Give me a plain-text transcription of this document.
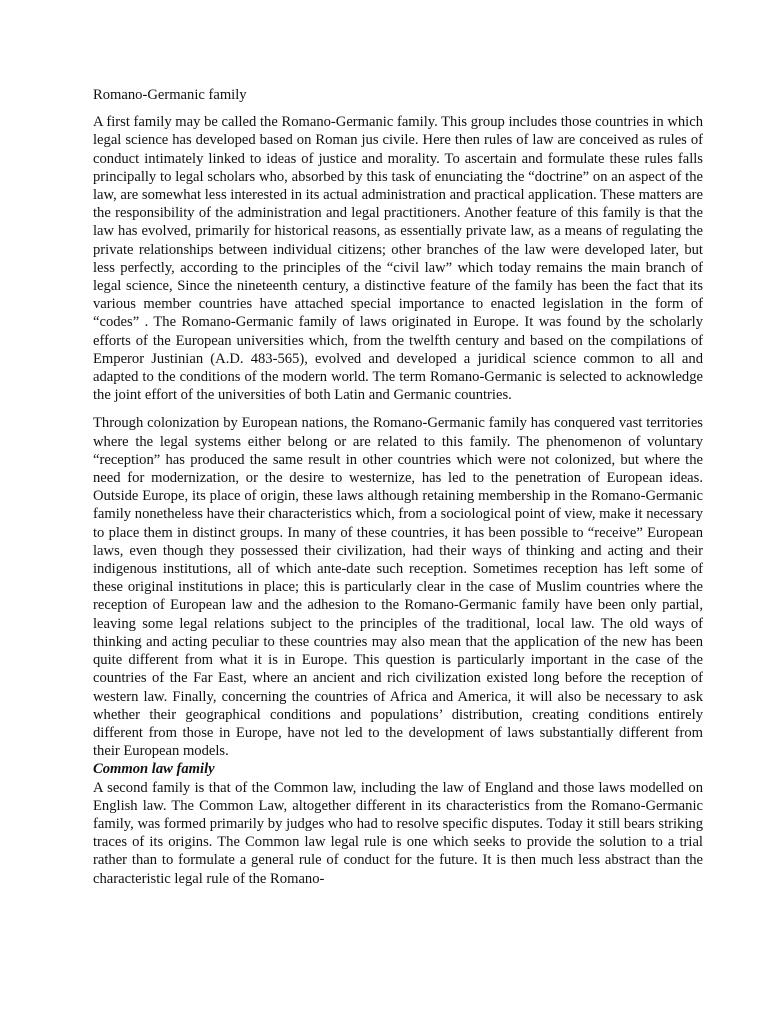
Romano-Germanic family

A first family may be called the Romano-Germanic family. This group includes those countries in which legal science has developed based on Roman jus civile. Here then rules of law are conceived as rules of conduct intimately linked to ideas of justice and morality. To ascertain and formulate these rules falls principally to legal scholars who, absorbed by this task of enunciating the “doctrine” on an aspect of the law, are somewhat less interested in its actual administration and practical application. These matters are the responsibility of the administration and legal practitioners. Another feature of this family is that the law has evolved, primarily for historical reasons, as essentially private law, as a means of regulating the private relationships between individual citizens; other branches of the law were developed later, but less perfectly, according to the principles of the “civil law” which today remains the main branch of legal science, Since the nineteenth century, a distinctive feature of the family has been the fact that its various member countries have attached special importance to enacted legislation in the form of “codes” . The Romano-Germanic family of laws originated in Europe. It was found by the scholarly efforts of the European universities which, from the twelfth century and based on the compilations of Emperor Justinian (A.D. 483-565), evolved and developed a juridical science common to all and adapted to the conditions of the modern world. The term Romano-Germanic is selected to acknowledge the joint effort of the universities of both Latin and Germanic countries.

Through colonization by European nations, the Romano-Germanic family has conquered vast territories where the legal systems either belong or are related to this family. The phenomenon of voluntary “reception” has produced the same result in other countries which were not colonized, but where the need for modernization, or the desire to westernize, has led to the penetration of European ideas. Outside Europe, its place of origin, these laws although retaining membership in the Romano-Germanic family nonetheless have their characteristics which, from a sociological point of view, make it necessary to place them in distinct groups. In many of these countries, it has been possible to “receive” European laws, even though they possessed their civilization, had their ways of thinking and acting and their indigenous institutions, all of which ante-date such reception. Sometimes reception has left some of these original institutions in place; this is particularly clear in the case of Muslim countries where the reception of European law and the adhesion to the Romano-Germanic family have been only partial, leaving some legal relations subject to the principles of the traditional, local law. The old ways of thinking and acting peculiar to these countries may also mean that the application of the new has been quite different from what it is in Europe. This question is particularly important in the case of the countries of the Far East, where an ancient and rich civilization existed long before the reception of western law. Finally, concerning the countries of Africa and America, it will also be necessary to ask whether their geographical conditions and populations’ distribution, creating conditions entirely different from those in Europe, have not led to the development of laws substantially different from their European models.

Common law family

A second family is that of the Common law, including the law of England and those laws modelled on English law. The Common Law, altogether different in its characteristics from the Romano-Germanic family, was formed primarily by judges who had to resolve specific disputes. Today it still bears striking traces of its origins. The Common law legal rule is one which seeks to provide the solution to a trial rather than to formulate a general rule of conduct for the future. It is then much less abstract than the characteristic legal rule of the Romano-
